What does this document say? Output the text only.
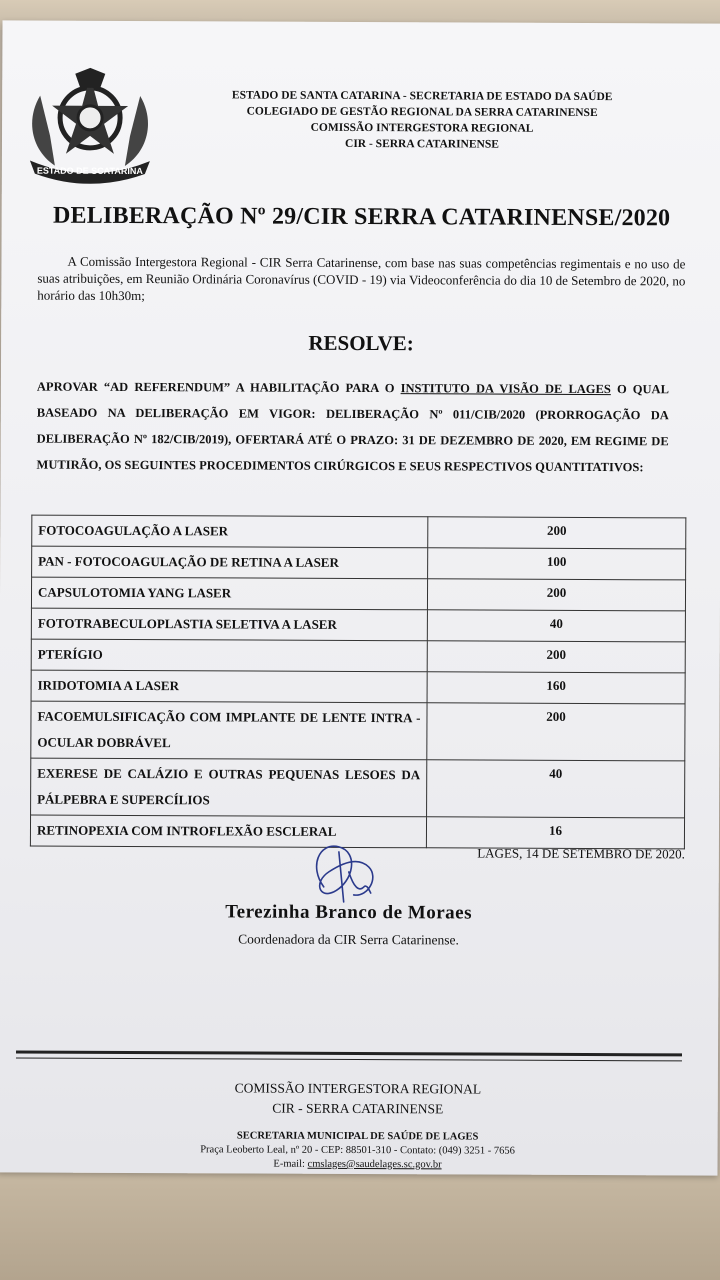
ESTADO DE SCATARINA
ESTADO DE SANTA CATARINA - SECRETARIA DE ESTADO DA SAÚDE
COLEGIADO DE GESTÃO REGIONAL DA SERRA CATARINENSE
COMISSÃO INTERGESTORA REGIONAL
CIR - SERRA CATARINENSE
DELIBERAÇÃO Nº 29/CIR SERRA CATARINENSE/2020
A Comissão Intergestora Regional - CIR Serra Catarinense, com base nas suas competências regimentais e no uso de suas atribuições, em Reunião Ordinária Coronavírus (COVID - 19) via Videoconferência do dia 10 de Setembro de 2020, no horário das 10h30m;
RESOLVE:
APROVAR “AD REFERENDUM” A HABILITAÇÃO PARA O INSTITUTO DA VISÃO DE LAGES O QUAL BASEADO NA DELIBERAÇÃO EM VIGOR: DELIBERAÇÃO Nº 011/CIB/2020 (PRORROGAÇÃO DA DELIBERAÇÃO Nº 182/CIB/2019), OFERTARÁ ATÉ O PRAZO: 31 DE DEZEMBRO DE 2020, EM REGIME DE MUTIRÃO, OS SEGUINTES PROCEDIMENTOS CIRÚRGICOS E SEUS RESPECTIVOS QUANTITATIVOS:
FOTOCOAGULAÇÃO A LASER	200
PAN - FOTOCOAGULAÇÃO DE RETINA A LASER	100
CAPSULOTOMIA YANG LASER	200
FOTOTRABECULOPLASTIA SELETIVA A LASER	40
PTERÍGIO	200
IRIDOTOMIA A LASER	160
FACOEMULSIFICAÇÃO COM IMPLANTE DE LENTE INTRA - OCULAR DOBRÁVEL	200
EXERESE DE CALÁZIO E OUTRAS PEQUENAS LESOES DA PÁLPEBRA E SUPERCÍLIOS	40
RETINOPEXIA COM INTROFLEXÃO ESCLERAL	16
LAGES, 14 DE SETEMBRO DE 2020.
Terezinha Branco de Moraes
Coordenadora da CIR Serra Catarinense.
COMISSÃO INTERGESTORA REGIONAL
CIR - SERRA CATARINENSE
SECRETARIA MUNICIPAL DE SAÚDE DE LAGES
Praça Leoberto Leal, nº 20 - CEP: 88501-310 - Contato: (049) 3251 - 7656
E-mail: cmslages@saudelages.sc.gov.br
